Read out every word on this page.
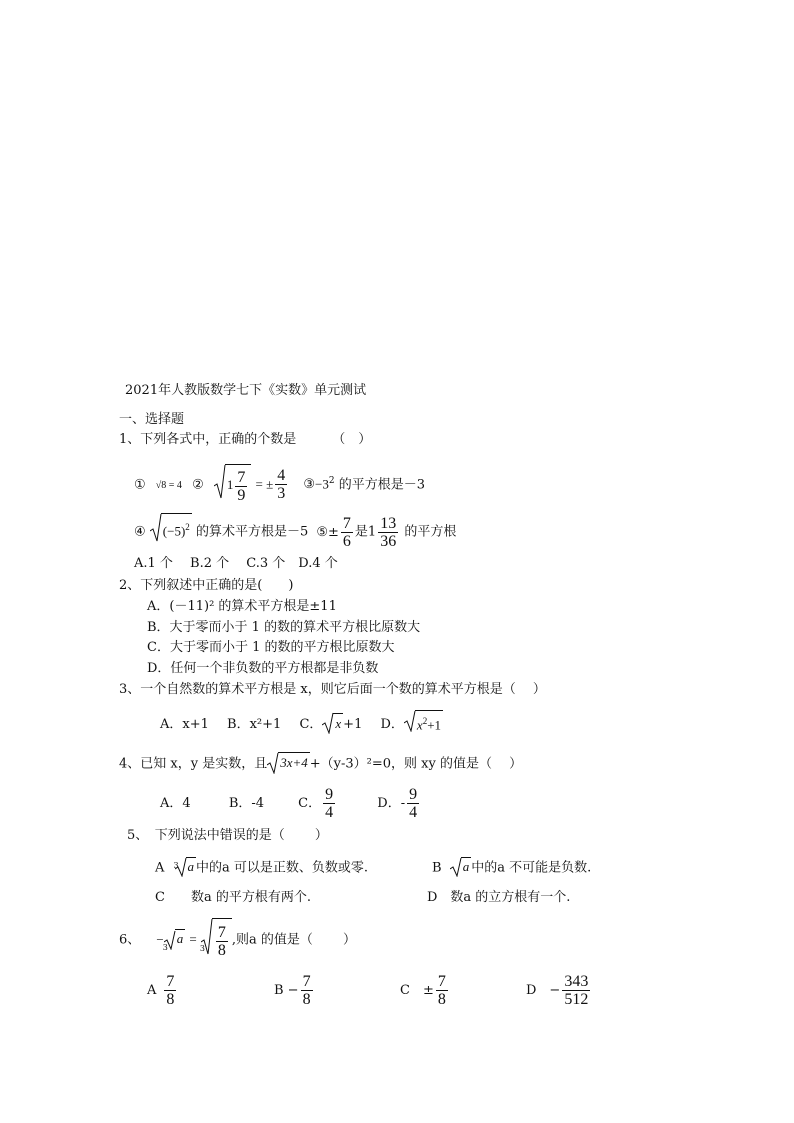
2021年人教版数学七下《实数》单元测试
一、选择题
1、下列各式中，正确的个数是	（　）
① √8 = 4 ② $1 \frac{7}{9}$ = ± $\frac{4}{3}$ $③-3^2$ 的平方根是－3
④ $(-5)^2$ 的算术平方根是－5 ⑤± $\frac{7}{6}$ 是$1 \frac{13}{36}$ 的平方根
A.1 个　 B.2 个　 C.3 个　D.4 个
2、下列叙述中正确的是(　　)
A．(－11)² 的算术平方根是±11
B．大于零而小于 1 的数的算术平方根比原数大
C．大于零而小于 1 的数的平方根比原数大
D．任何一个非负数的平方根都是非负数
3、一个自然数的算术平方根是 x，则它后面一个数的算术平方根是（　 ）
A．x+1 B．x²+1 C． x +1 D． $x^2+1$
4、已知 x，y 是实数，且 3x+4 +（y-3）²=0，则 xy 的值是（　 ）
A．4	B．-4	C． $\frac{9}{4}$	D．- $\frac{9}{4}$
5、　下列说法中错误的是（　　 ）
A 3 a 中的a 可以是正数、负数或零.	B a 中的a 不可能是负数.
C　　数a 的平方根有两个.	D　数a 的立方根有一个.
6、 −
3
a =
$3 \frac{7}{8}$ ,则a 的值是（　　 ）
A $\frac{7}{8}$	$B - \frac{7}{8}$	C　± $\frac{7}{8}$	D　− $\frac{343}{512}$
